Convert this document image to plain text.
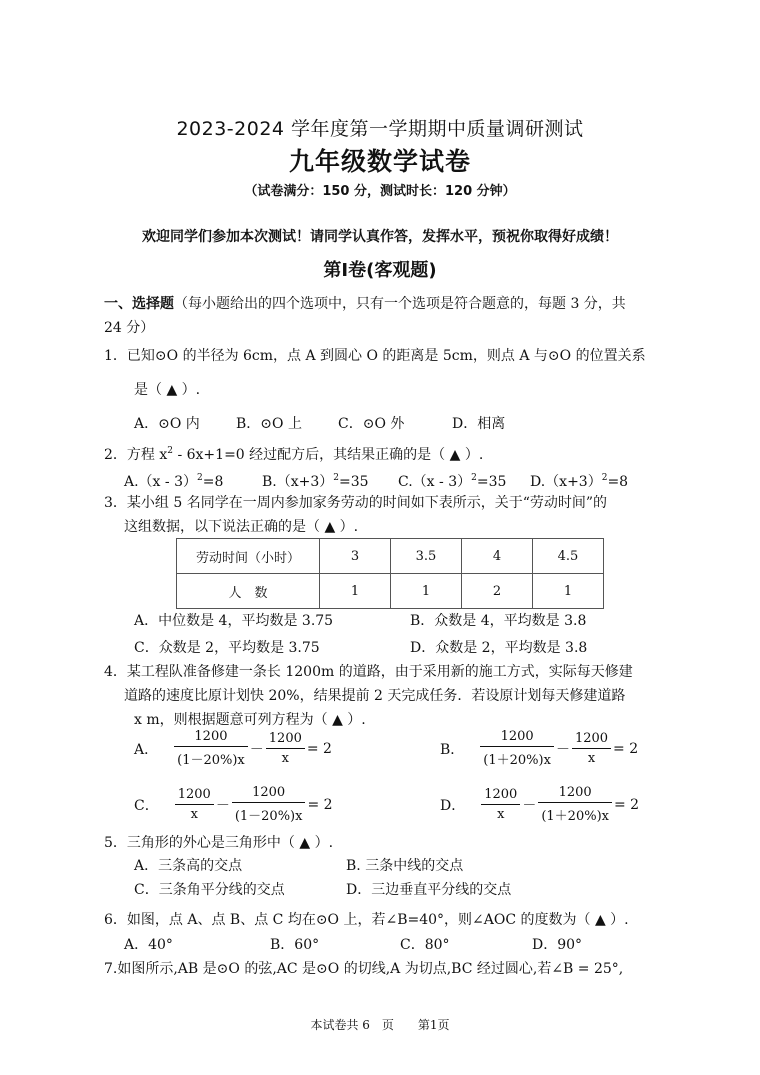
2023-2024 学年度第一学期期中质量调研测试
九年级数学试卷
（试卷满分：150 分，测试时长：120 分钟）
欢迎同学们参加本次测试！请同学认真作答，发挥水平，预祝你取得好成绩！
第Ⅰ卷(客观题)
一、选择题（每小题给出的四个选项中，只有一个选项是符合题意的，每题 3 分，共
24 分）
1．已知⊙O 的半径为 6cm，点 A 到圆心 O 的距离是 5cm，则点 A 与⊙O 的位置关系
是（ ▲ ）.
A．⊙O 内	B．⊙O 上	C．⊙O 外	D．相离
2．方程 $x^2 - 6x+1=0$ 经过配方后，其结果正确的是（ ▲ ）.
A.（x - 3）$^2$=8	$B.(x+3)^2=35$ C.（x - 3）$^2$=35 $D.(x+3)^2=8$
3．某小组 5 名同学在一周内参加家务劳动的时间如下表所示，关于“劳动时间”的
这组数据，以下说法正确的是（ ▲ ）.
劳动时间（小时）	3	3.5	4	4.5
人　数	1	1	2	1
A．中位数是 4，平均数是 3.75	B．众数是 4，平均数是 3.8
C．众数是 2，平均数是 3.75	D．众数是 2，平均数是 3.8
4．某工程队准备修建一条长 1200m 的道路，由于采用新的施工方式，实际每天修建
道路的速度比原计划快 20%，结果提前 2 天完成任务．若设原计划每天修建道路
x m，则根据题意可列方程为（ ▲ ）.
A． $\frac{1200}{(1-20\%)x} - \frac{1200}{x} = 2$	B． $\frac{1200}{(1+20\%)x} - \frac{1200}{x} = 2$
C． $\frac{1200}{x} - \frac{1200}{(1-20\%)x} = 2$	D． $\frac{1200}{x} - \frac{1200}{(1+20\%)x} = 2$
5．三角形的外心是三角形中（ ▲ ）.
A．三条高的交点	B. 三条中线的交点
C．三条角平分线的交点	D．三边垂直平分线的交点
6．如图，点 A、点 B、点 C 均在⊙O 上，若∠B=40°，则∠AOC 的度数为（ ▲ ）.
A．40°	B．60°	C．80°	D．90°
7.如图所示,AB 是⊙O 的弦,AC 是⊙O 的切线,A 为切点,BC 经过圆心,若∠B = 25°,
本试卷共 6　页　　第1页
